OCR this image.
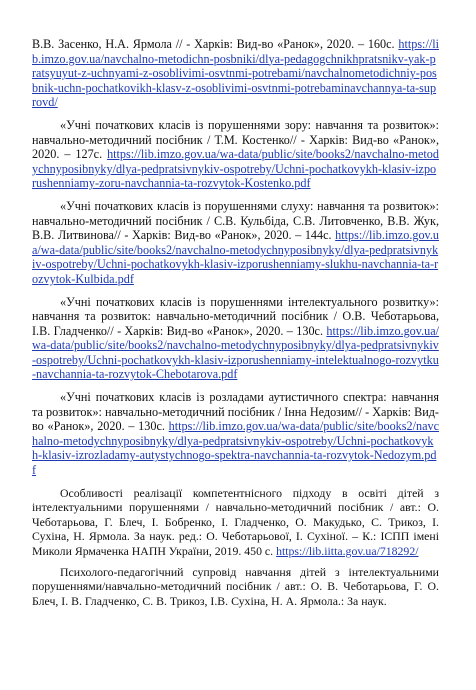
В.В. Засенко, Н.А. Ярмола // - Харків: Вид-во «Ранок», 2020. – 160с. https://lib.imzo.gov.ua/navchalno-metodichn-posbniki/dlya-pedagogchnikhpratsnikv-yak-pratsyuyut-z-uchnyami-z-osoblivimi-osvtnmi-potrebami/navchalnometodichniy-posbnik-uchn-pochatkovikh-klasv-z-osoblivimi-osvtnmi-potrebaminavchannya-ta-suprovd/

«Учні початкових класів із порушеннями зору: навчання та розвиток»: навчально-методичний посібник / Т.М. Костенко// - Харків: Вид-во «Ранок», 2020. – 127с. https://lib.imzo.gov.ua/wa-data/public/site/books2/navchalno-metodychnyposibnyky/dlya-pedpratsivnykiv-ospotreby/Uchni-pochatkovykh-klasiv-izporushenniamy-zoru-navchannia-ta-rozvytok-Kostenko.pdf

«Учні початкових класів із порушеннями слуху: навчання та розвиток»: навчально-методичний посібник / С.В. Кульбіда, С.В. Литовченко, В.В. Жук, В.В. Литвинова// - Харків: Вид-во «Ранок», 2020. – 144с. https://lib.imzo.gov.ua/wa-data/public/site/books2/navchalno-metodychnyposibnyky/dlya-pedpratsivnykiv-ospotreby/Uchni-pochatkovykh-klasiv-izporushenniamy-slukhu-navchannia-ta-rozvytok-Kulbida.pdf

«Учні початкових класів із порушеннями інтелектуального розвитку»: навчання та розвиток: навчально-методичний посібник / О.В. Чеботарьова, І.В. Гладченко// - Харків: Вид-во «Ранок», 2020. – 130с. https://lib.imzo.gov.ua/wa-data/public/site/books2/navchalno-metodychnyposibnyky/dlya-pedpratsivnykiv-ospotreby/Uchni-pochatkovykh-klasiv-izporushenniamy-intelektualnogo-rozvytku-navchannia-ta-rozvytok-Chebotarova.pdf

«Учні початкових класів із розладами аутистичного спектра: навчання та розвиток»: навчально-методичний посібник / Інна Недозим// - Харків: Вид-во «Ранок», 2020. – 130с. https://lib.imzo.gov.ua/wa-data/public/site/books2/navchalno-metodychnyposibnyky/dlya-pedpratsivnykiv-ospotreby/Uchni-pochatkovykh-klasiv-izrozladamy-autystychnogo-spektra-navchannia-ta-rozvytok-Nedozym.pdf

Особливості реалізації компетентнісного підходу в освіті дітей з інтелектуальними порушеннями / навчально-методичний посібник / авт.: О. Чеботарьова, Г. Блеч, І. Бобренко, І. Гладченко, О. Макудько, С. Трикоз, І. Сухіна, Н. Ярмола. За наук. ред.: О. Чеботарьової, І. Сухіної. – К.: ІСПП імені Миколи Ярмаченка НАПН України, 2019. 450 с. https://lib.iitta.gov.ua/718292/

Психолого-педагогічний супровід навчання дітей з інтелектуальними порушеннями/навчально-методичний посібник / авт.: О. В. Чеботарьова, Г. О. Блеч, І. В. Гладченко, С. В. Трикоз, І.В. Сухіна, Н. А. Ярмола.: За наук.
